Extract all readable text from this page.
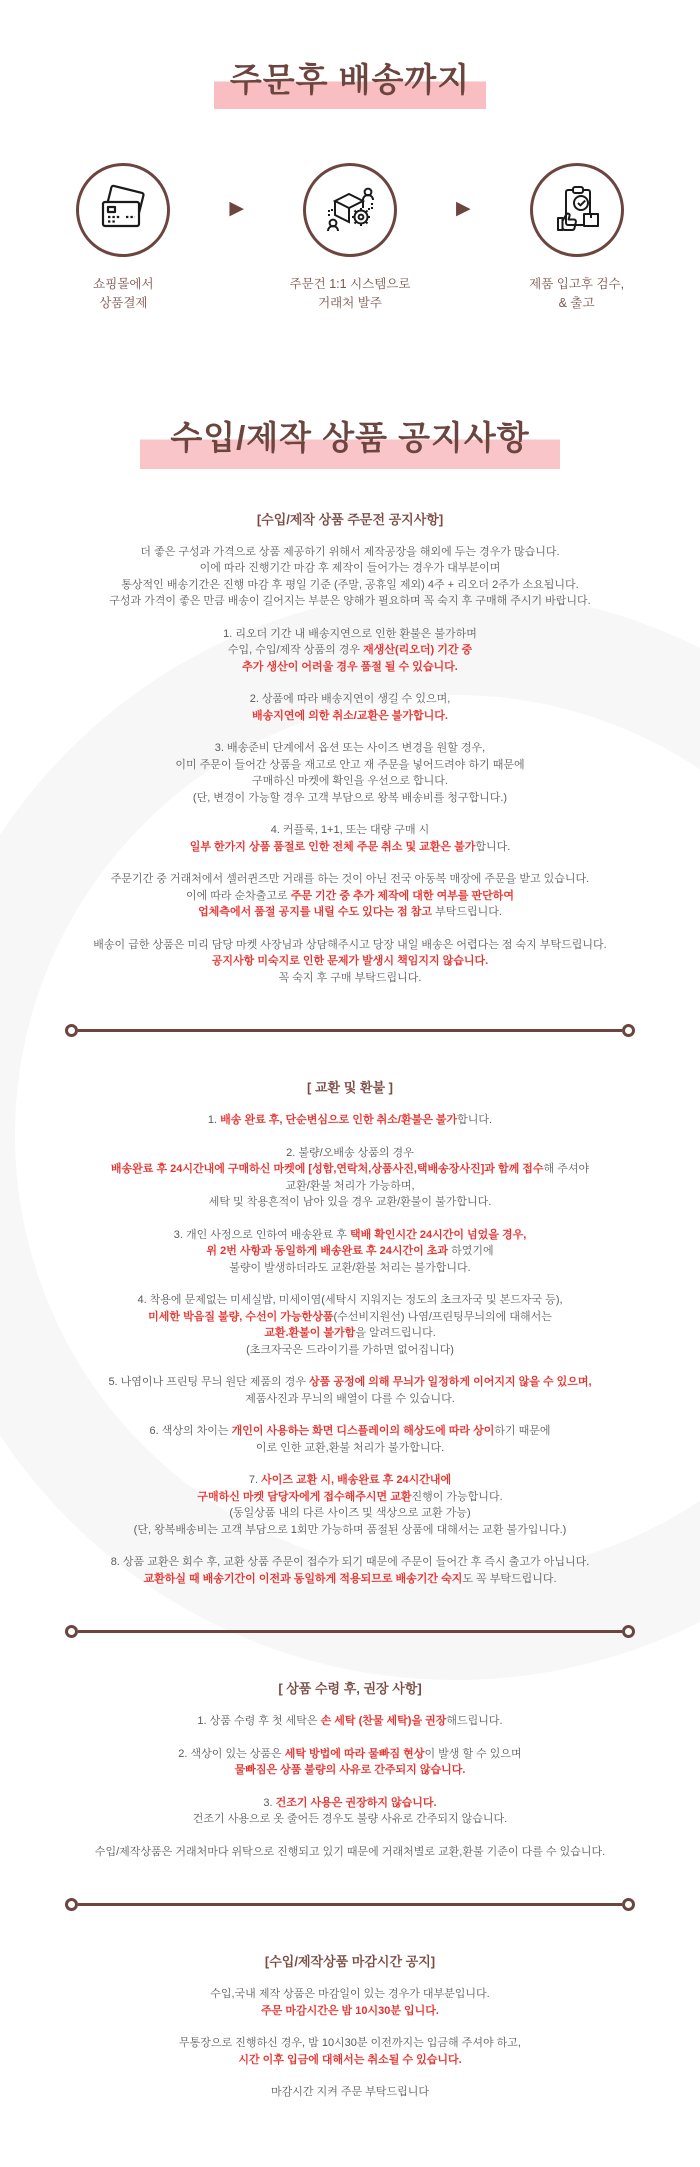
주문후 배송까지
쇼핑몰에서
상품결제
▶
주문건 1:1 시스템으로
거래처 발주
▶
제품 입고후 검수,
& 출고
수입/제작 상품 공지사항
[수입/제작 상품 주문전 공지사항]
더 좋은 구성과 가격으로 상품 제공하기 위해서 제작공장을 해외에 두는 경우가 많습니다.
이에 따라 진행기간 마감 후 제작이 들어가는 경우가 대부분이며
통상적인 배송기간은 진행 마감 후 평일 기준 (주말, 공휴일 제외) 4주 + 리오더 2주가 소요됩니다.
구성과 가격이 좋은 만큼 배송이 길어지는 부분은 양해가 필요하며 꼭 숙지 후 구매해 주시기 바랍니다.
1. 리오더 기간 내 배송지연으로 인한 환불은 불가하며
수입, 수입/제작 상품의 경우 재생산(리오더) 기간 중
추가 생산이 어려울 경우 품절 될 수 있습니다.
2. 상품에 따라 배송지연이 생길 수 있으며,
배송지연에 의한 취소/교환은 불가합니다.
3. 배송준비 단계에서 옵션 또는 사이즈 변경을 원할 경우,
이미 주문이 들어간 상품을 재고로 안고 재 주문을 넣어드려야 하기 때문에
구매하신 마켓에 확인을 우선으로 합니다.
(단, 변경이 가능할 경우 고객 부담으로 왕복 배송비를 청구합니다.)
4. 커플룩, 1+1, 또는 대량 구매 시
일부 한가지 상품 품절로 인한 전체 주문 취소 및 교환은 불가합니다.
주문기간 중 거래처에서 셀러퀸즈만 거래를 하는 것이 아닌 전국 아동복 매장에 주문을 받고 있습니다.
이에 따라 순차출고로 주문 기간 중 추가 제작에 대한 여부를 판단하여
업체측에서 품절 공지를 내릴 수도 있다는 점 참고 부탁드립니다.
배송이 급한 상품은 미리 담당 마켓 사장님과 상담해주시고 당장 내일 배송은 어렵다는 점 숙지 부탁드립니다.
공지사항 미숙지로 인한 문제가 발생시 책임지지 않습니다.
꼭 숙지 후 구매 부탁드립니다.
[ 교환 및 환불 ]
1. 배송 완료 후, 단순변심으로 인한 취소/환불은 불가합니다.
2. 불량/오배송 상품의 경우
배송완료 후 24시간내에 구매하신 마켓에 [성함,연락처,상품사진,택배송장사진]과 함께 접수해 주셔야
교환/환불 처리가 가능하며,
세탁 및 착용흔적이 남아 있을 경우 교환/환불이 불가합니다.
3. 개인 사정으로 인하여 배송완료 후 택배 확인시간 24시간이 넘었을 경우,
위 2번 사항과 동일하게 배송완료 후 24시간이 초과 하였기에
불량이 발생하더라도 교환/환불 처리는 불가합니다.
4. 착용에 문제없는 미세실밥, 미세이염(세탁시 지워지는 정도의 초크자국 및 본드자국 등),
미세한 박음질 불량, 수선이 가능한상품(수선비지원선) 나염/프린팅무늬의에 대해서는
교환.환불이 불가함을 알려드립니다.
(초크자국은 드라이기를 가하면 없어집니다)
5. 나염이나 프린팅 무늬 원단 제품의 경우 상품 공정에 의해 무늬가 일정하게 이어지지 않을 수 있으며,
제품사진과 무늬의 배열이 다를 수 있습니다.
6. 색상의 차이는 개인이 사용하는 화면 디스플레이의 해상도에 따라 상이하기 때문에
이로 인한 교환,환불 처리가 불가합니다.
7. 사이즈 교환 시, 배송완료 후 24시간내에
구매하신 마켓 담당자에게 접수해주시면 교환진행이 가능합니다.
(동일상품 내의 다른 사이즈 및 색상으로 교환 가능)
(단, 왕복배송비는 고객 부담으로 1회만 가능하며 품절된 상품에 대해서는 교환 불가입니다.)
8. 상품 교환은 회수 후, 교환 상품 주문이 접수가 되기 때문에 주문이 들어간 후 즉시 출고가 아닙니다.
교환하실 때 배송기간이 이전과 동일하게 적용되므로 배송기간 숙지도 꼭 부탁드립니다.
[ 상품 수령 후, 권장 사항]
1. 상품 수령 후 첫 세탁은 손 세탁 (찬물 세탁)을 권장해드립니다.
2. 색상이 있는 상품은 세탁 방법에 따라 물빠짐 현상이 발생 할 수 있으며
물빠짐은 상품 불량의 사유로 간주되지 않습니다.
3. 건조기 사용은 권장하지 않습니다.
건조기 사용으로 옷 줄어든 경우도 불량 사유로 간주되지 않습니다.
수입/제작상품은 거래처마다 위탁으로 진행되고 있기 때문에 거래처별로 교환,환불 기준이 다를 수 있습니다.
[수입/제작상품 마감시간 공지]
수입,국내 제작 상품은 마감일이 있는 경우가 대부분입니다.
주문 마감시간은 밤 10시30분 입니다.
무통장으로 진행하신 경우, 밤 10시30분 이전까지는 입금해 주셔야 하고,
시간 이후 입금에 대해서는 취소될 수 있습니다.
마감시간 지켜 주문 부탁드립니다
